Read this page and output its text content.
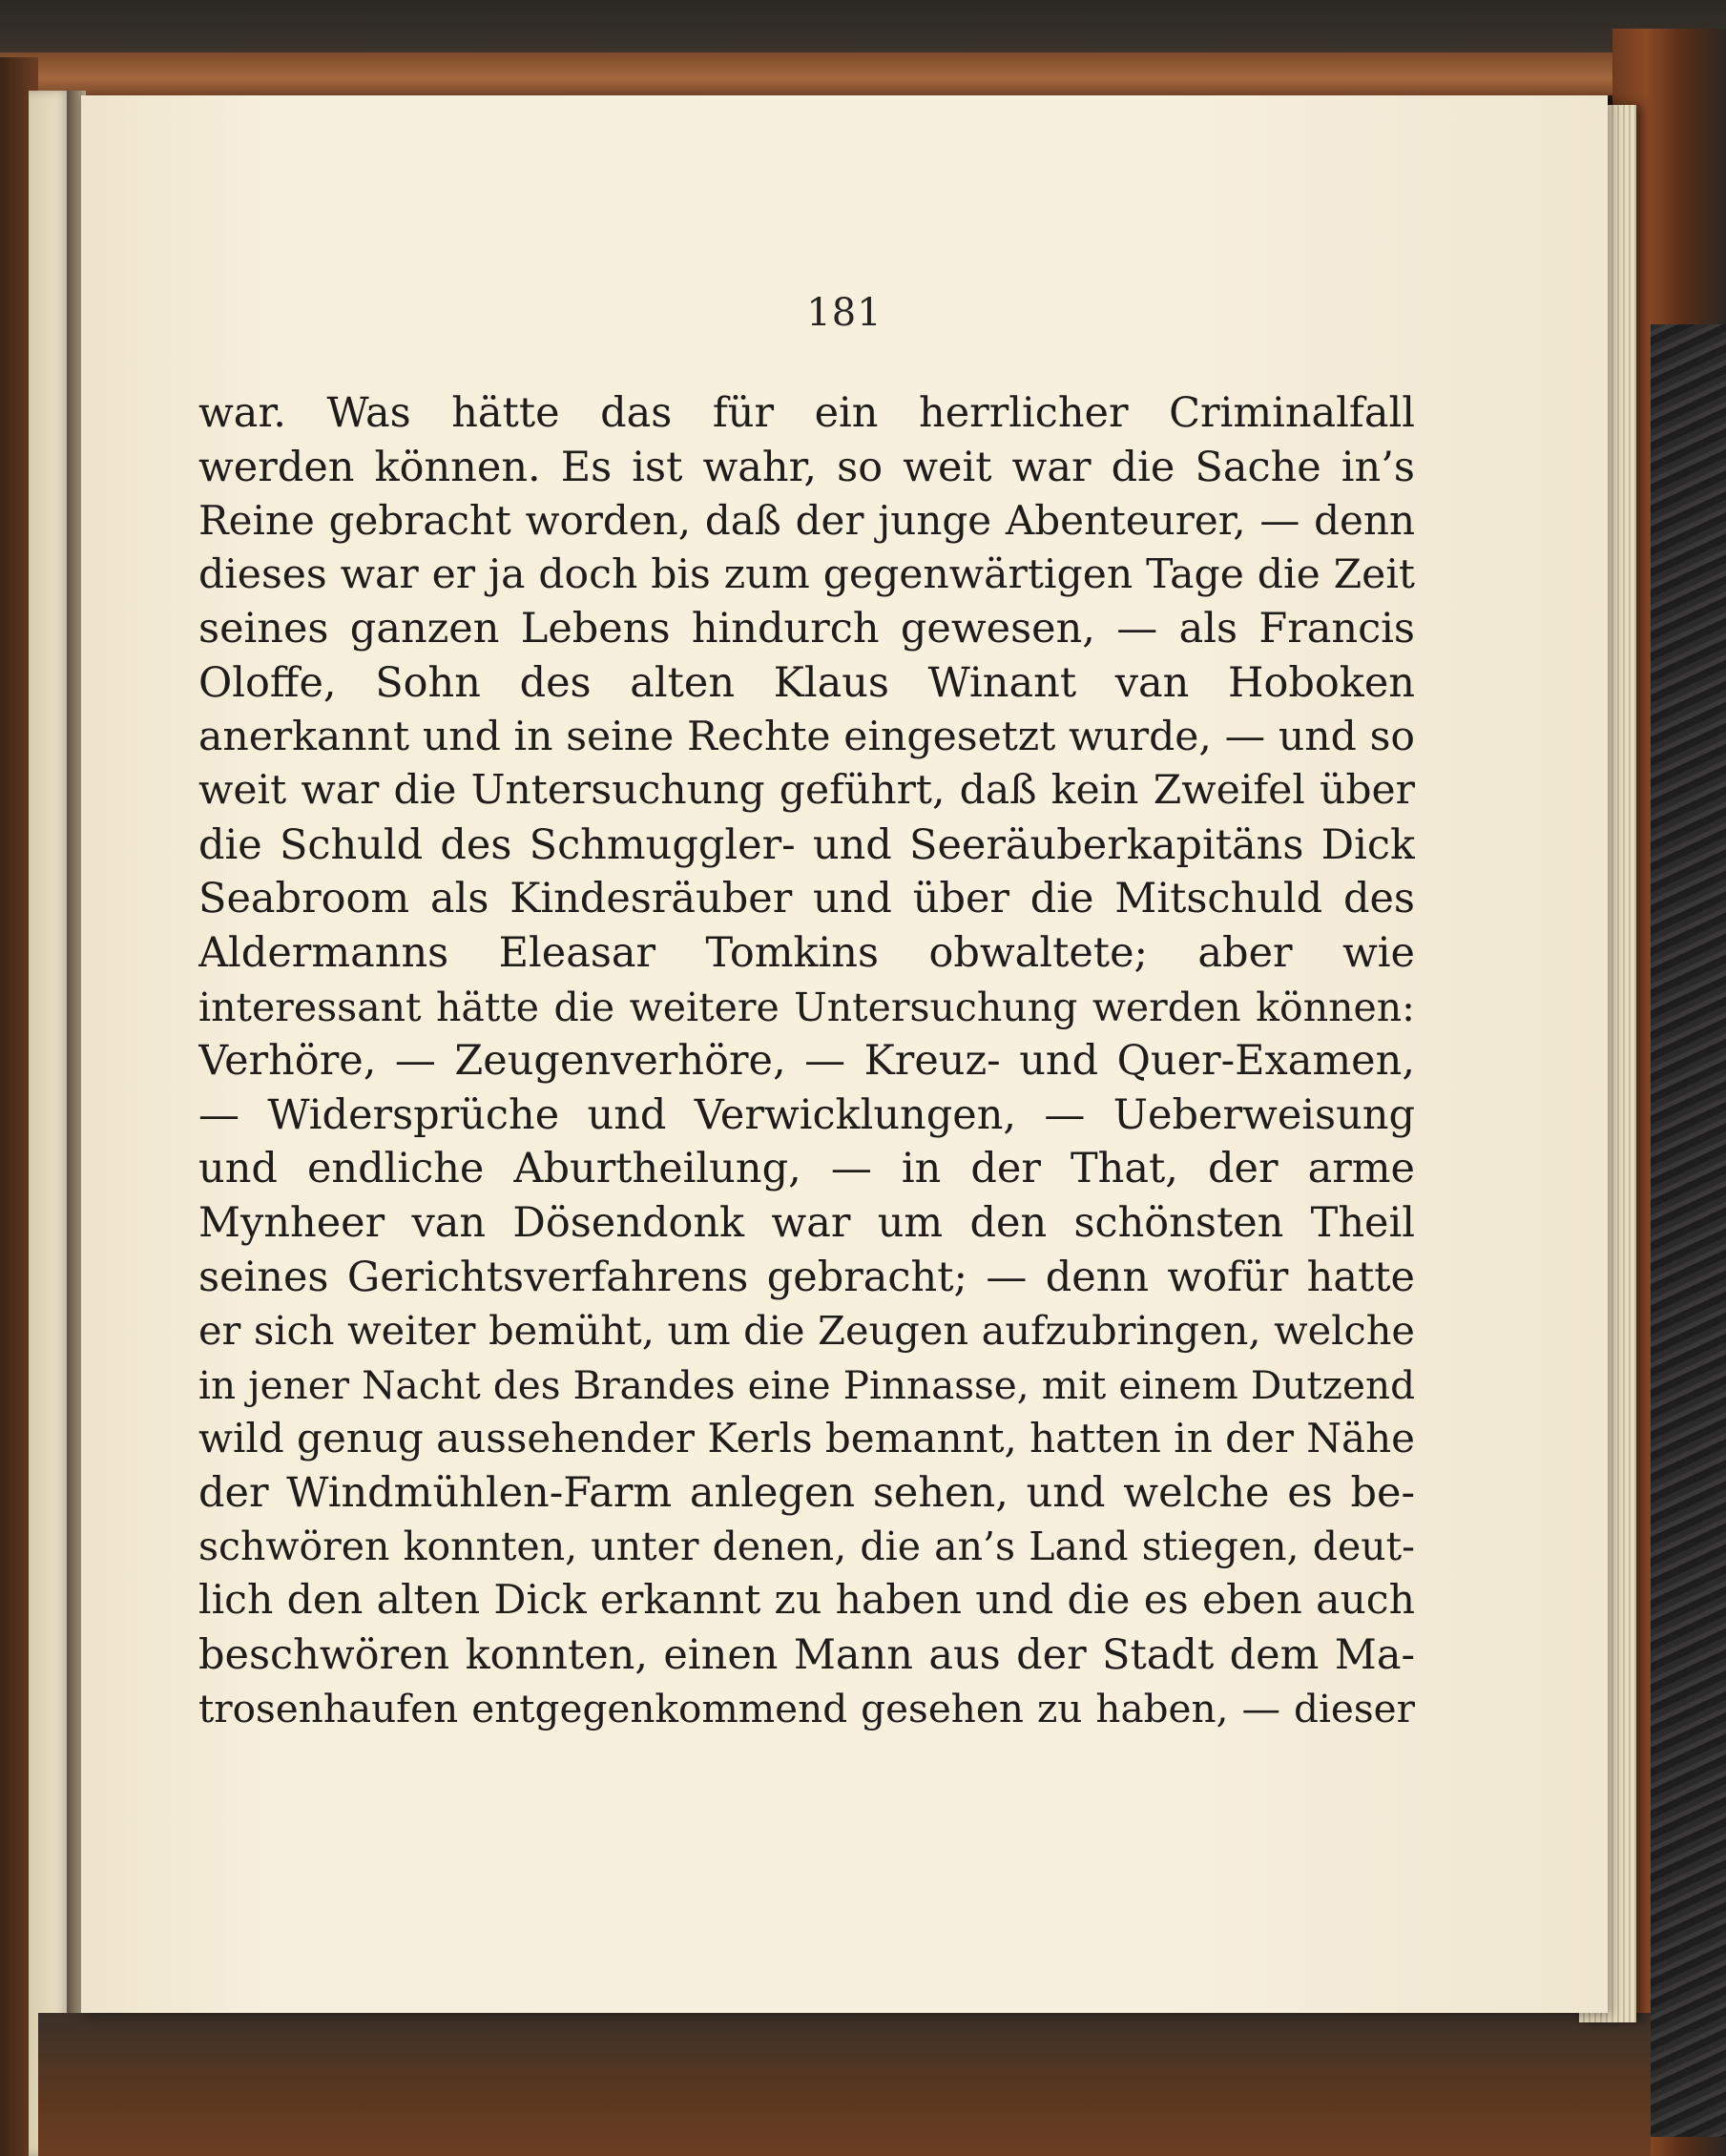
181
war. Was hätte das für ein herrlicher Criminalfall
werden können. Es ist wahr, so weit war die Sache in’s
Reine gebracht worden, daß der junge Abenteurer, — denn
dieses war er ja doch bis zum gegenwärtigen Tage die Zeit
seines ganzen Lebens hindurch gewesen, — als Francis
Oloffe, Sohn des alten Klaus Winant van Hoboken
anerkannt und in seine Rechte eingesetzt wurde, — und so
weit war die Untersuchung geführt, daß kein Zweifel über
die Schuld des Schmuggler- und Seeräuberkapitäns Dick
Seabroom als Kindesräuber und über die Mitschuld des
Aldermanns Eleasar Tomkins obwaltete; aber wie
interessant hätte die weitere Untersuchung werden können:
Verhöre, — Zeugenverhöre, — Kreuz- und Quer-Examen,
— Widersprüche und Verwicklungen, — Ueberweisung
und endliche Aburtheilung, — in der That, der arme
Mynheer van Dösendonk war um den schönsten Theil
seines Gerichtsverfahrens gebracht; — denn wofür hatte
er sich weiter bemüht, um die Zeugen aufzubringen, welche
in jener Nacht des Brandes eine Pinnasse, mit einem Dutzend
wild genug aussehender Kerls bemannt, hatten in der Nähe
der Windmühlen-Farm anlegen sehen, und welche es be-
schwören konnten, unter denen, die an’s Land stiegen, deut-
lich den alten Dick erkannt zu haben und die es eben auch
beschwören konnten, einen Mann aus der Stadt dem Ma-
trosenhaufen entgegenkommend gesehen zu haben, — dieser
